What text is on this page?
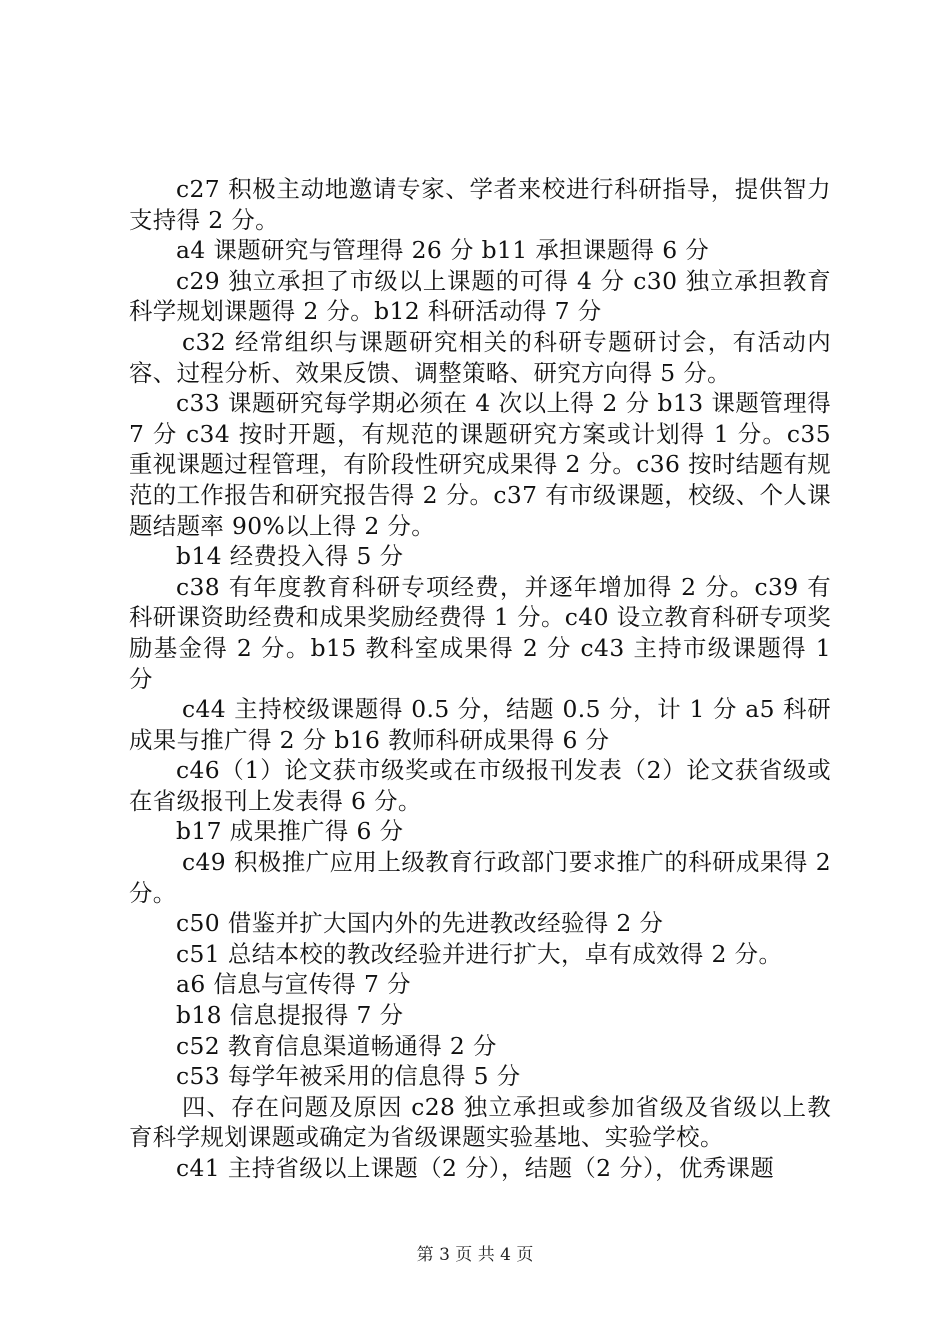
c27 积极主动地邀请专家、学者来校进行科研指导，提供智力支持得 2 分。

a4 课题研究与管理得 26 分 b11 承担课题得 6 分

c29 独立承担了市级以上课题的可得 4 分 c30 独立承担教育科学规划课题得 2 分。b12 科研活动得 7 分

c32 经常组织与课题研究相关的科研专题研讨会，有活动内容、过程分析、效果反馈、调整策略、研究方向得 5 分。

c33 课题研究每学期必须在 4 次以上得 2 分 b13 课题管理得 7 分 c34 按时开题，有规范的课题研究方案或计划得 1 分。c35 重视课题过程管理，有阶段性研究成果得 2 分。c36 按时结题有规范的工作报告和研究报告得 2 分。c37 有市级课题，校级、个人课题结题率 90%以上得 2 分。

b14 经费投入得 5 分

c38 有年度教育科研专项经费，并逐年增加得 2 分。c39 有科研课资助经费和成果奖励经费得 1 分。c40 设立教育科研专项奖励基金得 2 分。b15 教科室成果得 2 分 c43 主持市级课题得 1 分

c44 主持校级课题得 0.5 分，结题 0.5 分，计 1 分 a5 科研成果与推广得 2 分 b16 教师科研成果得 6 分

c46（1）论文获市级奖或在市级报刊发表（2）论文获省级或在省级报刊上发表得 6 分。

b17 成果推广得 6 分

c49 积极推广应用上级教育行政部门要求推广的科研成果得 2 分。

c50 借鉴并扩大国内外的先进教改经验得 2 分

c51 总结本校的教改经验并进行扩大，卓有成效得 2 分。

a6 信息与宣传得 7 分

b18 信息提报得 7 分

c52 教育信息渠道畅通得 2 分

c53 每学年被采用的信息得 5 分

四、存在问题及原因 c28 独立承担或参加省级及省级以上教育科学规划课题或确定为省级课题实验基地、实验学校。

c41 主持省级以上课题（2 分），结题（2 分），优秀课题

第 3 页 共 4 页
